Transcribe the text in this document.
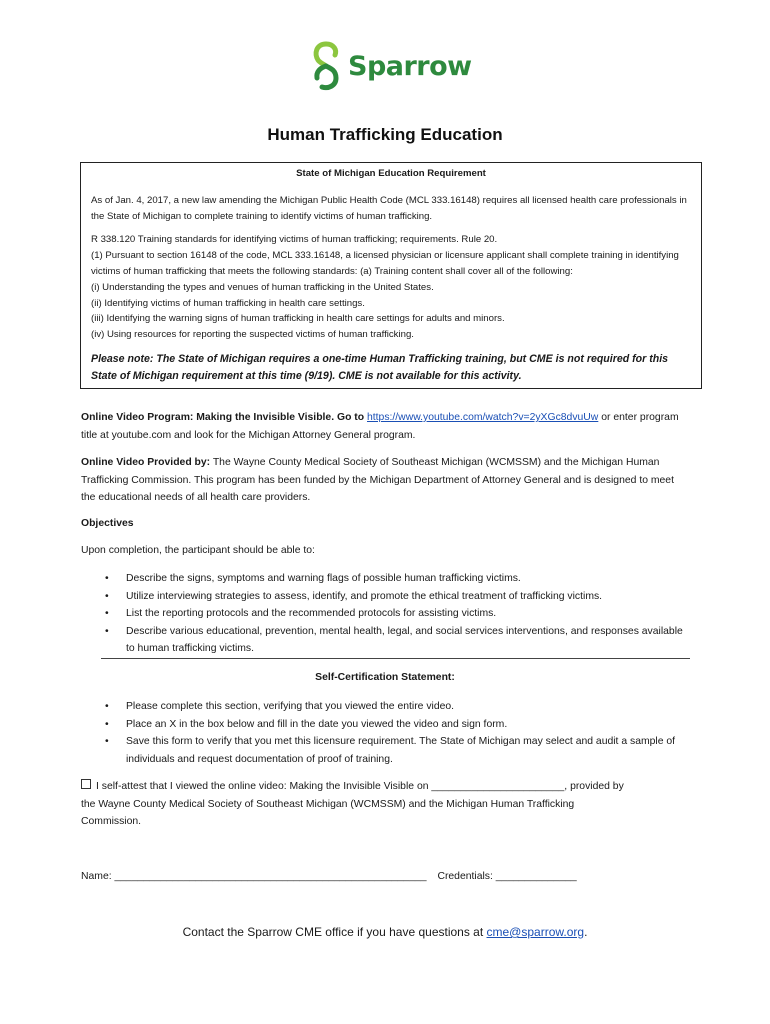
Sparrow
Human Trafficking Education
State of Michigan Education Requirement

As of Jan. 4, 2017, a new law amending the Michigan Public Health Code (MCL 333.16148) requires all licensed health care professionals in the State of Michigan to complete training to identify victims of human trafficking.

R 338.120 Training standards for identifying victims of human trafficking; requirements. Rule 20.

(1) Pursuant to section 16148 of the code, MCL 333.16148, a licensed physician or licensure applicant shall complete training in identifying victims of human trafficking that meets the following standards: (a) Training content shall cover all of the following:

(i) Understanding the types and venues of human trafficking in the United States.

(ii) Identifying victims of human trafficking in health care settings.

(iii) Identifying the warning signs of human trafficking in health care settings for adults and minors.

(iv) Using resources for reporting the suspected victims of human trafficking.

Please note: The State of Michigan requires a one-time Human Trafficking training, but CME is not required for this State of Michigan requirement at this time (9/19). CME is not available for this activity.

Online Video Program: Making the Invisible Visible. Go to https://www.youtube.com/watch?v=2yXGc8dvuUw or enter program title at youtube.com and look for the Michigan Attorney General program.
Online Video Provided by: The Wayne County Medical Society of Southeast Michigan (WCMSSM) and the Michigan Human Trafficking Commission. This program has been funded by the Michigan Department of Attorney General and is designed to meet the educational needs of all health care providers.
Objectives
Upon completion, the participant should be able to:
• Describe the signs, symptoms and warning flags of possible human trafficking victims.
• Utilize interviewing strategies to assess, identify, and promote the ethical treatment of trafficking victims.
• List the reporting protocols and the recommended protocols for assisting victims.
• Describe various educational, prevention, mental health, legal, and social services interventions, and responses available to human trafficking victims.
Self-Certification Statement:
• Please complete this section, verifying that you viewed the entire video.
• Place an X in the box below and fill in the date you viewed the video and sign form.
• Save this form to verify that you met this licensure requirement. The State of Michigan may select and audit a sample of individuals and request documentation of proof of training.
I self-attest that I viewed the online video: Making the Invisible Visible on _______________________, provided by the Wayne County Medical Society of Southeast Michigan (WCMSSM) and the Michigan Human Trafficking Commission.
Name: ______________________________________________________ Credentials: ______________
Contact the Sparrow CME office if you have questions at cme@sparrow.org.
